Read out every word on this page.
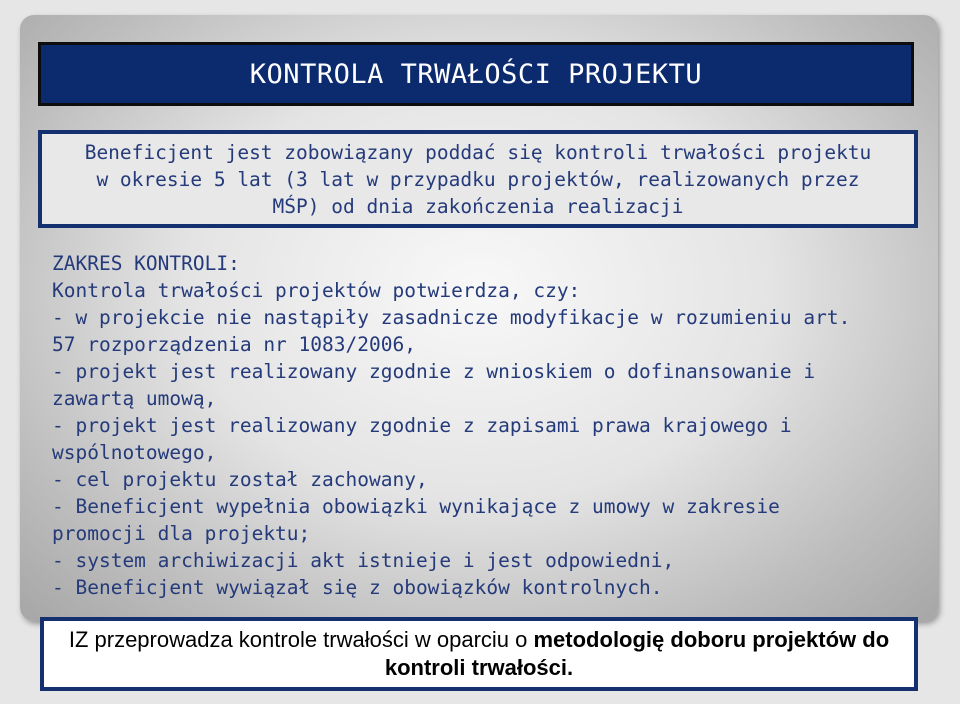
KONTROLA TRWAŁOŚCI PROJEKTU
Beneficjent jest zobowiązany poddać się kontroli trwałości projektu
w okresie 5 lat (3 lat w przypadku projektów, realizowanych przez
MŚP) od dnia zakończenia realizacji
ZAKRES KONTROLI:
Kontrola trwałości projektów potwierdza, czy:
- w projekcie nie nastąpiły zasadnicze modyfikacje w rozumieniu art.
57 rozporządzenia nr 1083/2006,
- projekt jest realizowany zgodnie z wnioskiem o dofinansowanie i
zawartą umową,
- projekt jest realizowany zgodnie z zapisami prawa krajowego i
wspólnotowego,
- cel projektu został zachowany,
- Beneficjent wypełnia obowiązki wynikające z umowy w zakresie
promocji dla projektu;
- system archiwizacji akt istnieje i jest odpowiedni,
- Beneficjent wywiązał się z obowiązków kontrolnych.
IZ przeprowadza kontrole trwałości w oparciu o metodologię doboru projektów do kontroli trwałości.
